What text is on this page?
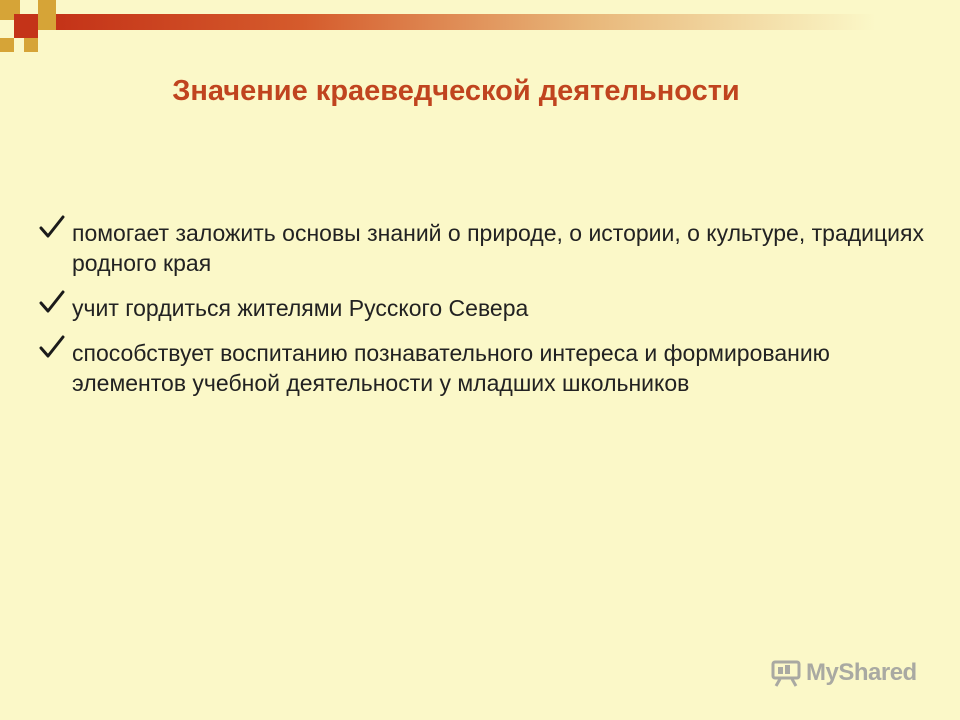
Значение краеведческой деятельности
помогает заложить основы знаний о природе, о истории, о культуре, традициях родного края
учит гордиться жителями Русского Севера
способствует воспитанию познавательного интереса и формированию элементов учебной деятельности у младших школьников
MyShared
